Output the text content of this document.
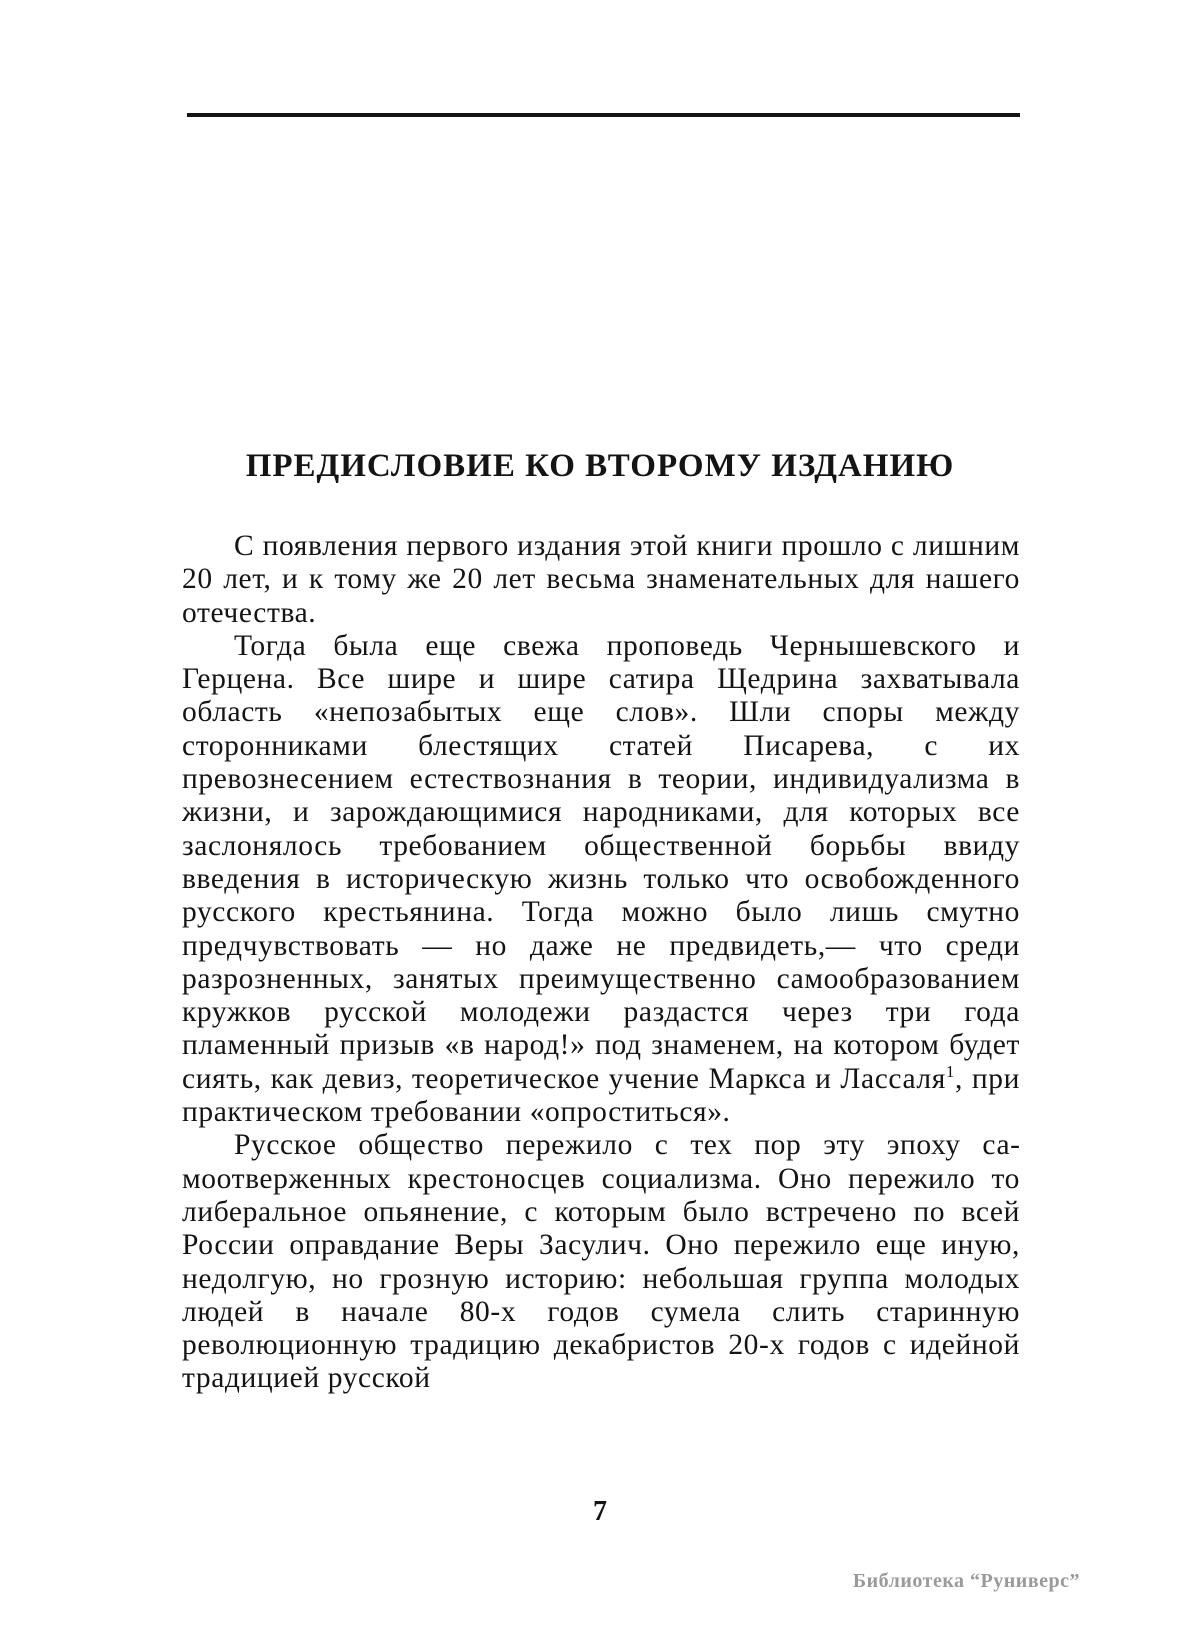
ПРЕДИСЛОВИЕ КО ВТОРОМУ ИЗДАНИЮ

С появления первого издания этой книги прошло с лишним 20 лет, и к тому же 20 лет весьма знаменательных для нашего отечества.

Тогда была еще свежа проповедь Чернышевского и Герцена. Все шире и шире сатира Щедрина захватывала область «непозабытых еще слов». Шли споры между сторонниками блестящих статей Писарева, с их превознесением естествознания в теории, индивидуализма в жизни, и зарождающимися народниками, для которых все заслонялось требованием общественной борьбы ввиду введения в историческую жизнь только что освобожденного русского крестьянина. Тогда можно было лишь смутно предчувствовать — но даже не предвидеть,— что среди разрозненных, занятых преимущественно самообразованием кружков русской молодежи раздастся через три года пламенный призыв «в народ!» под знаменем, на котором будет сиять, как девиз, теоретическое учение Маркса и Лассаля$^1$, при практическом требовании «опроститься».

Русское общество пережило с тех пор эту эпоху самоотверженных крестоносцев социализма. Оно пережило то либеральное опьянение, с которым было встречено по всей России оправдание Веры Засулич. Оно пережило еще иную, недолгую, но грозную историю: небольшая группа молодых людей в начале 80-х годов сумела слить старинную революционную традицию декабристов 20-х годов с идейной традицией русской

7
Библиотека “Руниверс”
